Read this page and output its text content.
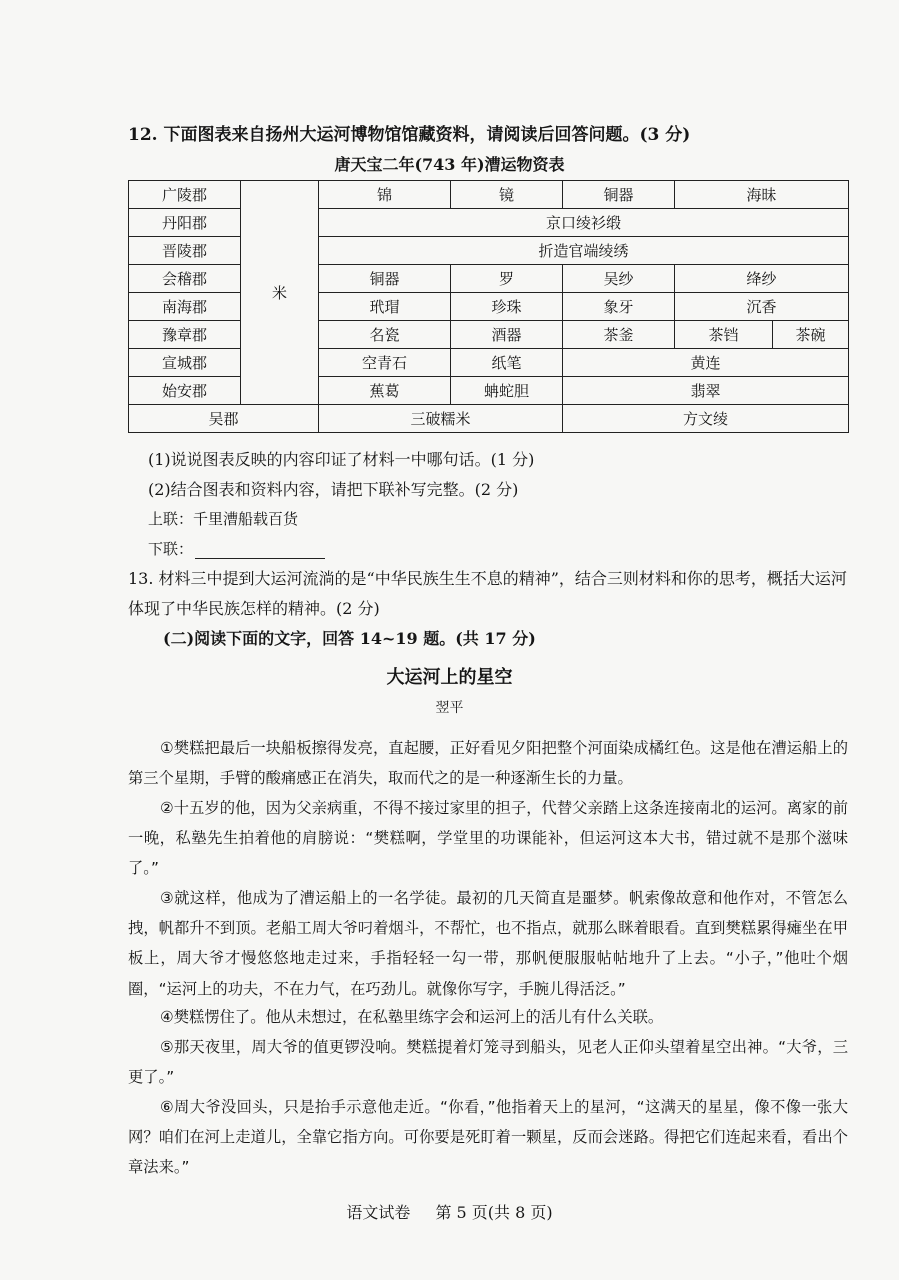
12. 下面图表来自扬州大运河博物馆馆藏资料，请阅读后回答问题。(3 分)
唐天宝二年(743 年)漕运物资表
广陵郡	米	锦	镜	铜器	海昧	
丹阳郡		京口绫衫缎				
晋陵郡		折造官端绫绣				
会稽郡		铜器	罗	吴纱	绛纱	
南海郡		玳瑁	珍珠	象牙	沉香	
豫章郡		名瓷	酒器	茶釜	茶铛	茶碗
宣城郡		空青石	纸笔	黄连		
始安郡		蕉葛	蚺蛇胆	翡翠		
吴郡		三破糯米		方文绫		
(1)说说图表反映的内容印证了材料一中哪句话。(1 分)
(2)结合图表和资料内容，请把下联补写完整。(2 分)
上联：千里漕船载百货
下联：
13. 材料三中提到大运河流淌的是“中华民族生生不息的精神”，结合三则材料和你的思考，概括大运河
体现了中华民族怎样的精神。(2 分)
(二)阅读下面的文字，回答 14~19 题。(共 17 分)
大运河上的星空
翌平
①樊糕把最后一块船板擦得发亮，直起腰，正好看见夕阳把整个河面染成橘红色。这是他在漕运船上的第三个星期，手臂的酸痛感正在消失，取而代之的是一种逐渐生长的力量。
②十五岁的他，因为父亲病重，不得不接过家里的担子，代替父亲踏上这条连接南北的运河。离家的前一晚，私塾先生拍着他的肩膀说：“樊糕啊，学堂里的功课能补，但运河这本大书，错过就不是那个滋味了。”
③就这样，他成为了漕运船上的一名学徒。最初的几天简直是噩梦。帆索像故意和他作对，不管怎么拽，帆都升不到顶。老船工周大爷叼着烟斗，不帮忙，也不指点，就那么眯着眼看。直到樊糕累得瘫坐在甲板上，周大爷才慢悠悠地走过来，手指轻轻一勾一带，那帆便服服帖帖地升了上去。“小子，”他吐个烟圈，“运河上的功夫，不在力气，在巧劲儿。就像你写字，手腕儿得活泛。”
④樊糕愣住了。他从未想过，在私塾里练字会和运河上的活儿有什么关联。
⑤那天夜里，周大爷的值更锣没响。樊糕提着灯笼寻到船头，见老人正仰头望着星空出神。“大爷，三更了。”
⑥周大爷没回头，只是抬手示意他走近。“你看，”他指着天上的星河，“这满天的星星，像不像一张大网？咱们在河上走道儿，全靠它指方向。可你要是死盯着一颗星，反而会迷路。得把它们连起来看，看出个章法来。”
语文试卷 第 5 页(共 8 页)
